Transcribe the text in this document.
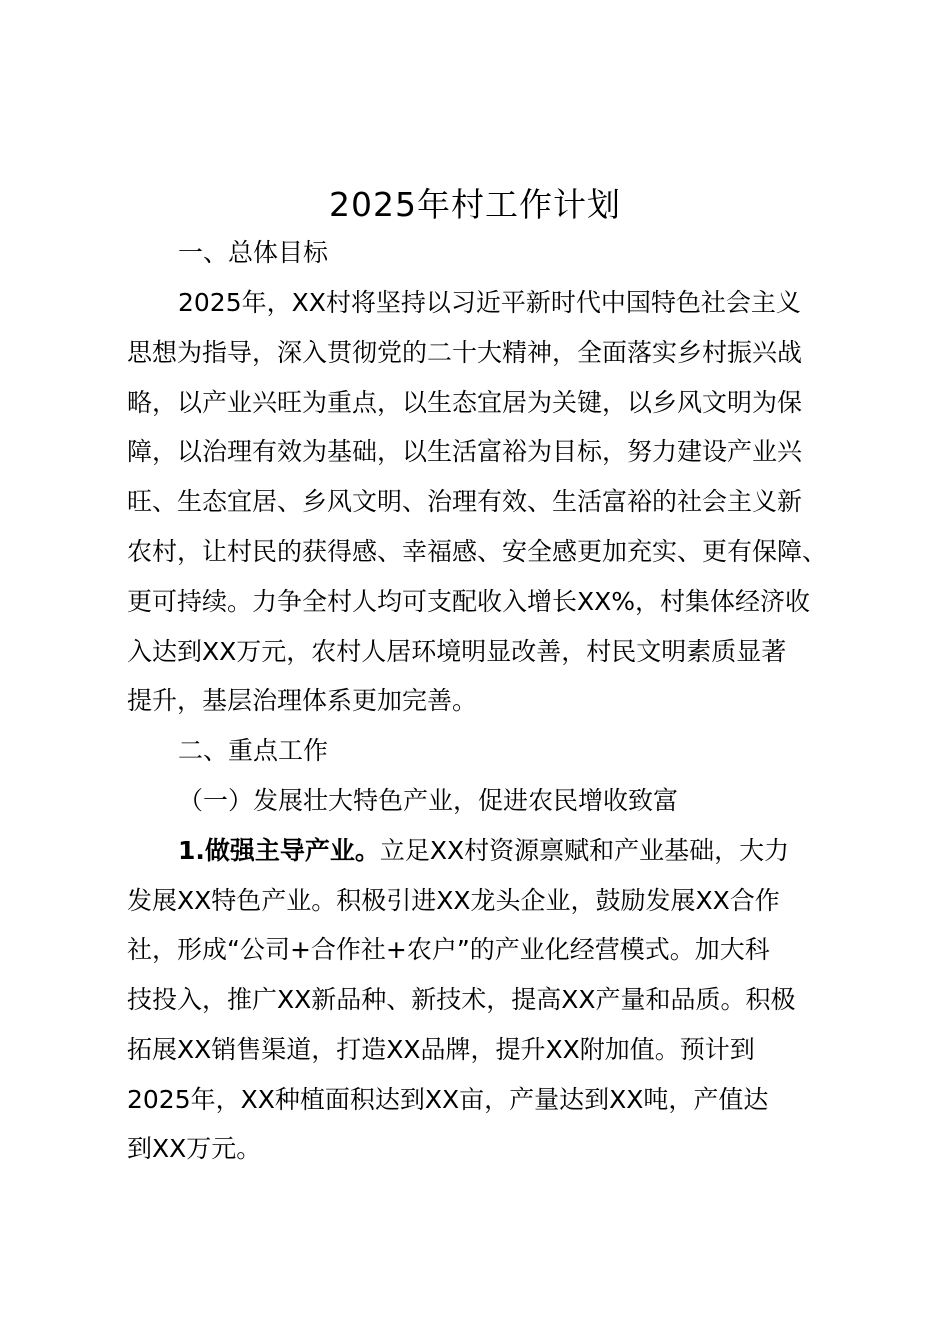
2025年村工作计划
一、总体目标
2025年，XX村将坚持以习近平新时代中国特色社会主义
思想为指导，深入贯彻党的二十大精神，全面落实乡村振兴战
略，以产业兴旺为重点，以生态宜居为关键，以乡风文明为保
障，以治理有效为基础，以生活富裕为目标，努力建设产业兴
旺、生态宜居、乡风文明、治理有效、生活富裕的社会主义新
农村，让村民的获得感、幸福感、安全感更加充实、更有保障、
更可持续。力争全村人均可支配收入增长XX%，村集体经济收
入达到XX万元，农村人居环境明显改善，村民文明素质显著
提升，基层治理体系更加完善。
二、重点工作
（一）发展壮大特色产业，促进农民增收致富
1.做强主导产业。立足XX村资源禀赋和产业基础，大力
发展XX特色产业。积极引进XX龙头企业，鼓励发展XX合作
社，形成“公司+合作社+农户”的产业化经营模式。加大科
技投入，推广XX新品种、新技术，提高XX产量和品质。积极
拓展XX销售渠道，打造XX品牌，提升XX附加值。预计到
2025年，XX种植面积达到XX亩，产量达到XX吨，产值达
到XX万元。
